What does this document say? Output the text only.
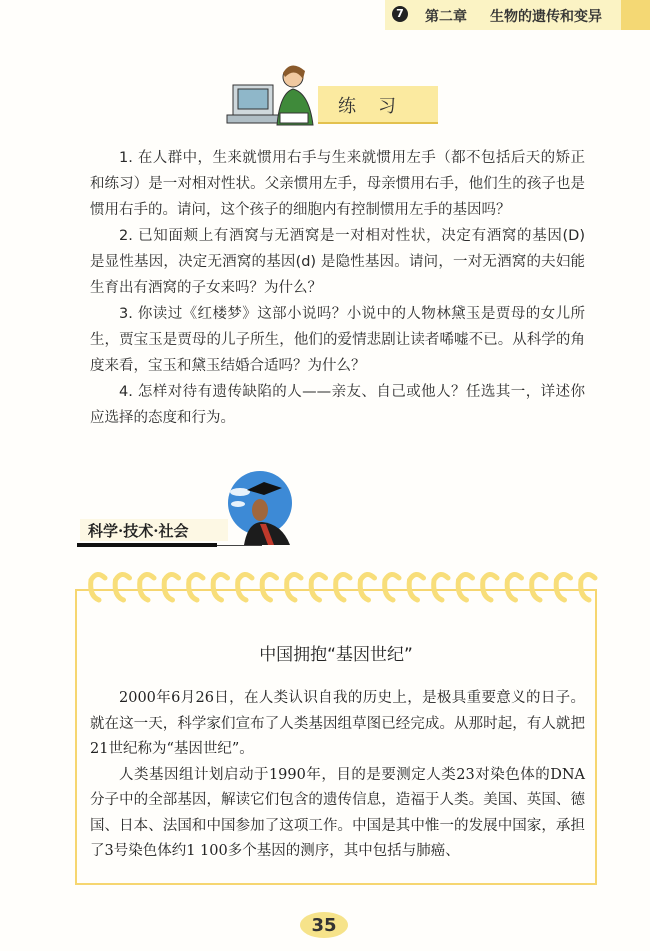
7 第二章 生物的遗传和变异
练习

1. 在人群中，生来就惯用右手与生来就惯用左手（都不包括后天的矫正和练习）是一对相对性状。父亲惯用左手，母亲惯用右手，他们生的孩子也是惯用右手的。请问，这个孩子的细胞内有控制惯用左手的基因吗？

2. 已知面颊上有酒窝与无酒窝是一对相对性状，决定有酒窝的基因(D) 是显性基因，决定无酒窝的基因(d) 是隐性基因。请问，一对无酒窝的夫妇能生育出有酒窝的子女来吗？为什么？

3. 你读过《红楼梦》这部小说吗？小说中的人物林黛玉是贾母的女儿所生，贾宝玉是贾母的儿子所生，他们的爱情悲剧让读者唏嘘不已。从科学的角度来看，宝玉和黛玉结婚合适吗？为什么？

4. 怎样对待有遗传缺陷的人——亲友、自己或他人？任选其一，详述你应选择的态度和行为。

科学·技术·社会
中国拥抱“基因世纪”

2000年6月26日，在人类认识自我的历史上，是极具重要意义的日子。就在这一天，科学家们宣布了人类基因组草图已经完成。从那时起，有人就把21世纪称为“基因世纪”。

人类基因组计划启动于1990年，目的是要测定人类23对染色体的DNA分子中的全部基因，解读它们包含的遗传信息，造福于人类。美国、英国、德国、日本、法国和中国参加了这项工作。中国是其中惟一的发展中国家，承担了3号染色体约1 100多个基因的测序，其中包括与肺癌、

35
